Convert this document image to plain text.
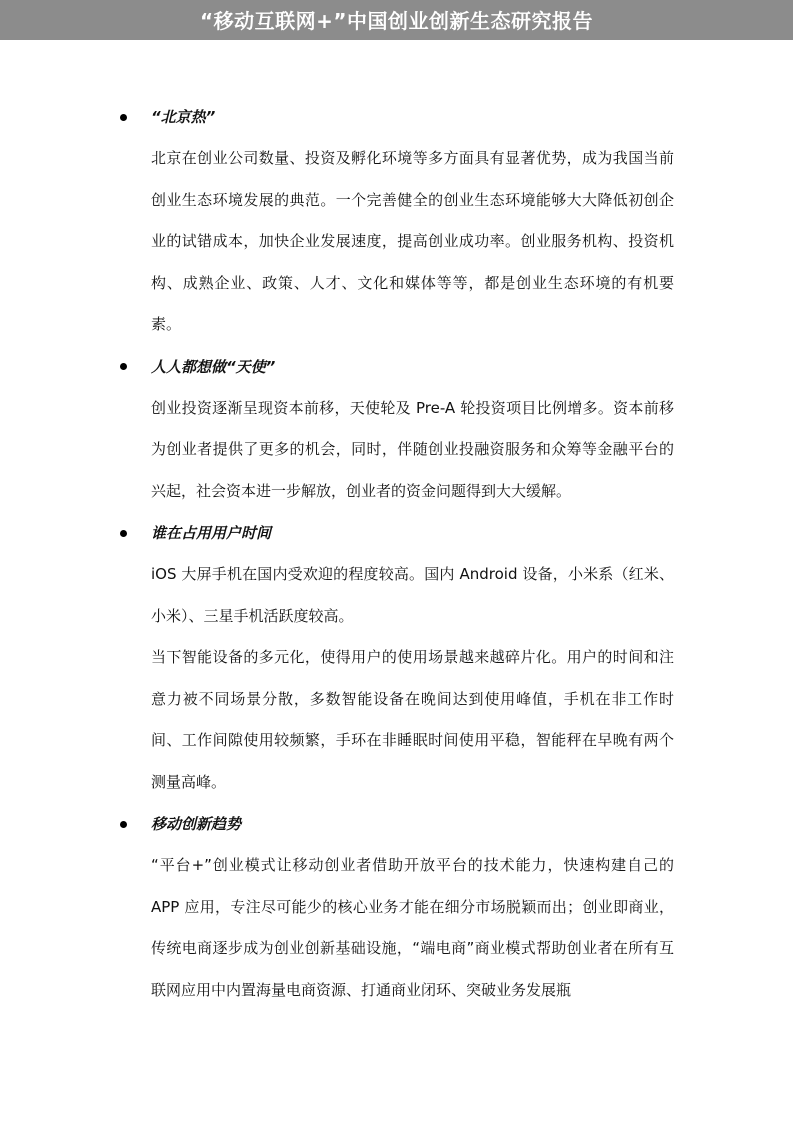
“移动互联网+”中国创业创新生态研究报告
“北京热”

北京在创业公司数量、投资及孵化环境等多方面具有显著优势，成为我国当前创业生态环境发展的典范。一个完善健全的创业生态环境能够大大降低初创企业的试错成本，加快企业发展速度，提高创业成功率。创业服务机构、投资机构、成熟企业、政策、人才、文化和媒体等等，都是创业生态环境的有机要素。

人人都想做“天使”

创业投资逐渐呈现资本前移，天使轮及 Pre-A 轮投资项目比例增多。资本前移为创业者提供了更多的机会，同时，伴随创业投融资服务和众筹等金融平台的兴起，社会资本进一步解放，创业者的资金问题得到大大缓解。

谁在占用用户时间

iOS 大屏手机在国内受欢迎的程度较高。国内 Android 设备，小米系（红米、小米）、三星手机活跃度较高。

当下智能设备的多元化，使得用户的使用场景越来越碎片化。用户的时间和注意力被不同场景分散，多数智能设备在晚间达到使用峰值，手机在非工作时间、工作间隙使用较频繁，手环在非睡眠时间使用平稳，智能秤在早晚有两个测量高峰。

移动创新趋势

“平台+”创业模式让移动创业者借助开放平台的技术能力，快速构建自己的 APP 应用，专注尽可能少的核心业务才能在细分市场脱颖而出；创业即商业，传统电商逐步成为创业创新基础设施，“端电商”商业模式帮助创业者在所有互联网应用中内置海量电商资源、打通商业闭环、突破业务发展瓶
